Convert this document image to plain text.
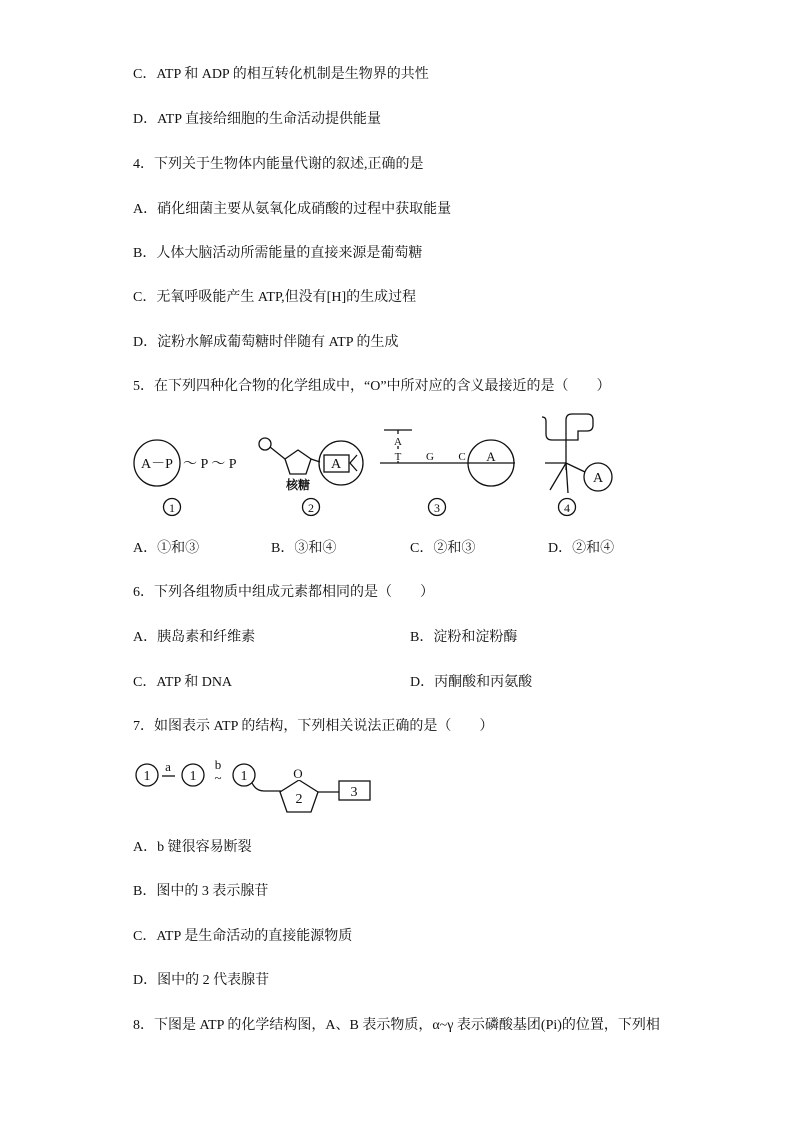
C．ATP 和 ADP 的相互转化机制是生物界的共性
D．ATP 直接给细胞的生命活动提供能量
4．下列关于生物体内能量代谢的叙述,正确的是
A．硝化细菌主要从氨氧化成硝酸的过程中获取能量
B．人体大脑活动所需能量的直接来源是葡萄糖
C．无氧呼吸能产生 ATP,但没有[H]的生成过程
D．淀粉水解成葡萄糖时伴随有 ATP 的生成
5．在下列四种化合物的化学组成中，“O”中所对应的含义最接近的是（　　）
A－P ～ P ～ P
1
A
核糖
2
A
T G C A
3
A
4
A．①和③	B．③和④	C．②和③	D．②和④
6．下列各组物质中组成元素都相同的是（　　）
A．胰岛素和纤维素	B．淀粉和淀粉酶
C．ATP 和 DNA	D．丙酮酸和丙氨酸
7．如图表示 ATP 的结构，下列相关说法正确的是（　　）
1
a
1
b
~ 1	O
2	3
A．b 键很容易断裂
B．图中的 3 表示腺苷
C．ATP 是生命活动的直接能源物质
D．图中的 2 代表腺苷
8．下图是 ATP 的化学结构图，A、B 表示物质，α~γ 表示磷酸基团(Pi)的位置，下列相
